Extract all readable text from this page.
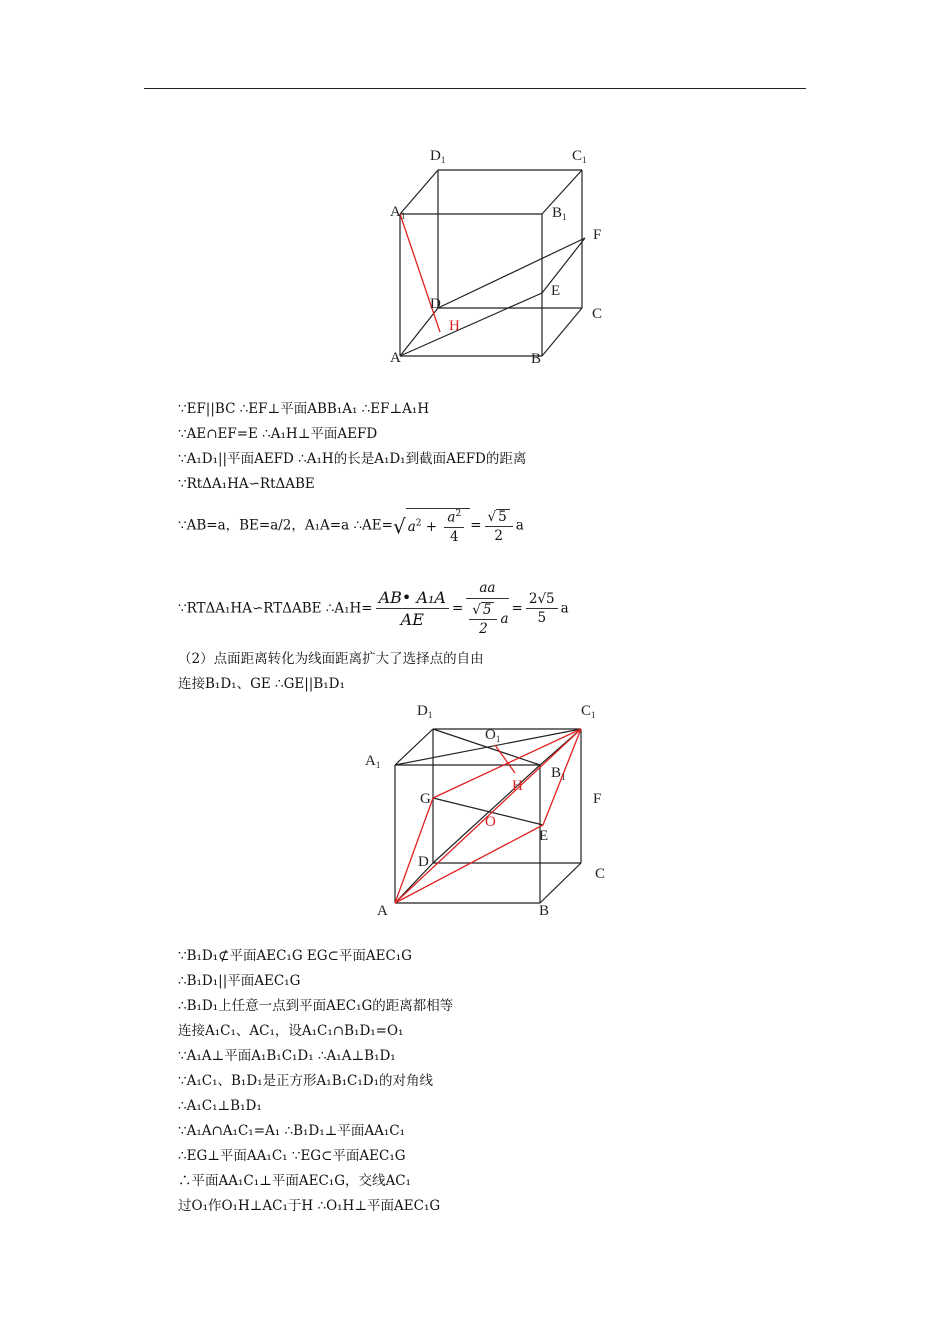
$D_1$	$C_1$
$A_1$	$B_1$
F
E
D
H
C
A	B
∵EF||BC ∴EF⊥平面ABB₁A₁ ∴EF⊥A₁H
∵AE∩EF=E ∴A₁H⊥平面AEFD
∵A₁D₁||平面AEFD ∴A₁H的长是A₁D₁到截面AEFD的距离
∵RtΔA₁HA∽RtΔABE
∵AB=a，BE=a/2，A₁A=a ∴AE=√ $a^2 + \frac{a^2}{4} = \frac{√ 5}{2}$ a
∵RTΔA₁HA∽RTΔABE ∴A₁H= $\frac{\text{AB• A₁A}}{AE} = \frac{aa}{\frac{√ 5}{2} a} = \frac{2√5}{5}$ a
（2）点面距离转化为线面距离扩大了选择点的自由
连接B₁D₁、GE ∴GE||B₁D₁
$D_1$	$C_1$
$O_1$
$A_1$	$B_1$
H
G	F
O
E
D
C
A	B
∵B₁D₁⊄平面AEC₁G EG⊂平面AEC₁G
∴B₁D₁||平面AEC₁G
∴B₁D₁上任意一点到平面AEC₁G的距离都相等
连接A₁C₁、AC₁，设A₁C₁∩B₁D₁=O₁
∵A₁A⊥平面A₁B₁C₁D₁ ∴A₁A⊥B₁D₁
∵A₁C₁、B₁D₁是正方形A₁B₁C₁D₁的对角线
∴A₁C₁⊥B₁D₁
∵A₁A∩A₁C₁=A₁ ∴B₁D₁⊥平面AA₁C₁
∴EG⊥平面AA₁C₁ ∵EG⊂平面AEC₁G
∴平面AA₁C₁⊥平面AEC₁G，交线AC₁
过O₁作O₁H⊥AC₁于H ∴O₁H⊥平面AEC₁G
